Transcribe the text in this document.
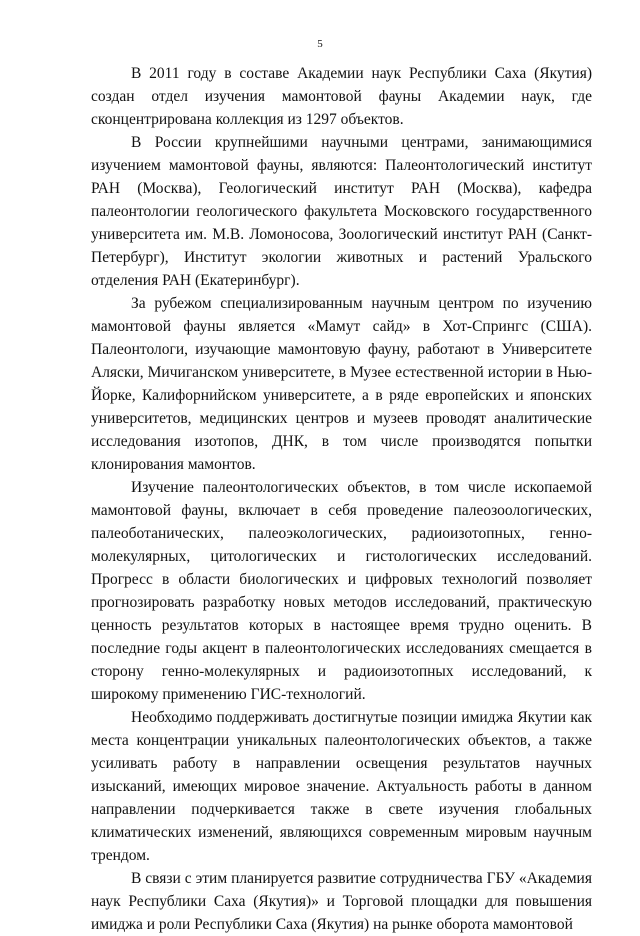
5

В 2011 году в составе Академии наук Республики Саха (Якутия) создан отдел изучения мамонтовой фауны Академии наук, где сконцентрирована коллекция из 1297 объектов.

В России крупнейшими научными центрами, занимающимися изучением мамонтовой фауны, являются: Палеонтологический институт РАН (Москва), Геологический институт РАН (Москва), кафедра палеонтологии геологического факультета Московского государственного университета им. М.В. Ломоносова, Зоологический институт РАН (Санкт-Петербург), Институт экологии животных и растений Уральского отделения РАН (Екатеринбург).

За рубежом специализированным научным центром по изучению мамонтовой фауны является «Мамут сайд» в Хот-Спрингс (США). Палеонтологи, изучающие мамонтовую фауну, работают в Университете Аляски, Мичиганском университете, в Музее естественной истории в Нью-Йорке, Калифорнийском университете, а в ряде европейских и японских университетов, медицинских центров и музеев проводят аналитические исследования изотопов, ДНК, в том числе производятся попытки клонирования мамонтов.

Изучение палеонтологических объектов, в том числе ископаемой мамонтовой фауны, включает в себя проведение палеозоологических, палеоботанических, палеоэкологических, радиоизотопных, генно-молекулярных, цитологических и гистологических исследований. Прогресс в области биологических и цифровых технологий позволяет прогнозировать разработку новых методов исследований, практическую ценность результатов которых в настоящее время трудно оценить. В последние годы акцент в палеонтологических исследованиях смещается в сторону генно-молекулярных и радиоизотопных исследований, к широкому применению ГИС-технологий.

Необходимо поддерживать достигнутые позиции имиджа Якутии как места концентрации уникальных палеонтологических объектов, а также усиливать работу в направлении освещения результатов научных изысканий, имеющих мировое значение. Актуальность работы в данном направлении подчеркивается также в свете изучения глобальных климатических изменений, являющихся современным мировым научным трендом.

В связи с этим планируется развитие сотрудничества ГБУ «Академия наук Республики Саха (Якутия)» и Торговой площадки для повышения имиджа и роли Республики Саха (Якутия) на рынке оборота мамонтовой
